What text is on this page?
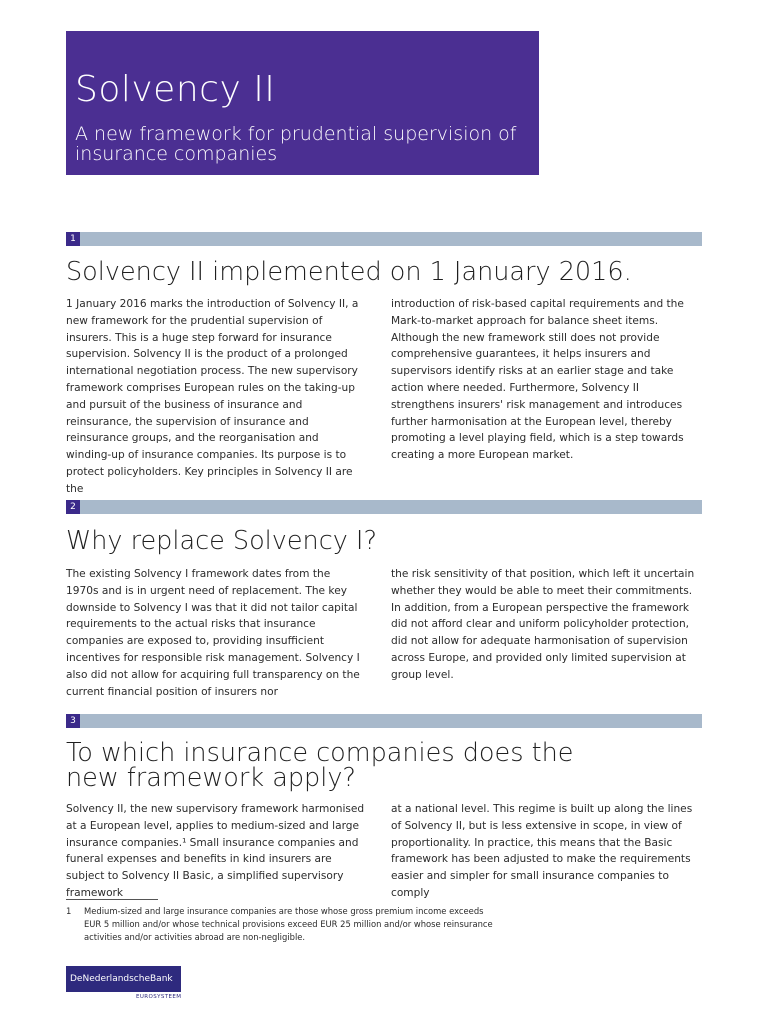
Solvency II
A new framework for prudential supervision of insurance companies
1
Solvency II implemented on 1 January 2016.

1 January 2016 marks the introduction of Solvency II, a new framework for the prudential supervision of insurers. This is a huge step forward for insurance supervision. Solvency II is the product of a prolonged international negotiation process. The new supervisory framework comprises European rules on the taking-up and pursuit of the business of insurance and reinsurance, the supervision of insurance and reinsurance groups, and the reorganisation and winding-up of insurance companies. Its purpose is to protect policyholders. Key principles in Solvency II are the

introduction of risk-based capital requirements and the Mark-to-market approach for balance sheet items. Although the new framework still does not provide comprehensive guarantees, it helps insurers and supervisors identify risks at an earlier stage and take action where needed. Furthermore, Solvency II strengthens insurers' risk management and introduces further harmonisation at the European level, thereby promoting a level playing field, which is a step towards creating a more European market.

2
Why replace Solvency I?

The existing Solvency I framework dates from the 1970s and is in urgent need of replacement. The key downside to Solvency I was that it did not tailor capital requirements to the actual risks that insurance companies are exposed to, providing insufficient incentives for responsible risk management. Solvency I also did not allow for acquiring full transparency on the current financial position of insurers nor

the risk sensitivity of that position, which left it uncertain whether they would be able to meet their commitments. In addition, from a European perspective the framework did not afford clear and uniform policyholder protection, did not allow for adequate harmonisation of supervision across Europe, and provided only limited supervision at group level.

3
To which insurance companies does the new framework apply?

Solvency II, the new supervisory framework harmonised at a European level, applies to medium-sized and large insurance companies.¹ Small insurance companies and funeral expenses and benefits in kind insurers are subject to Solvency II Basic, a simplified supervisory framework

at a national level. This regime is built up along the lines of Solvency II, but is less extensive in scope, in view of proportionality. In practice, this means that the Basic framework has been adjusted to make the requirements easier and simpler for small insurance companies to comply

1 Medium-sized and large insurance companies are those whose gross premium income exceeds EUR 5 million and/or whose technical provisions exceed EUR 25 million and/or whose reinsurance activities and/or activities abroad are non-negligible.
DeNederlandscheBank
EUROSYSTEEM
